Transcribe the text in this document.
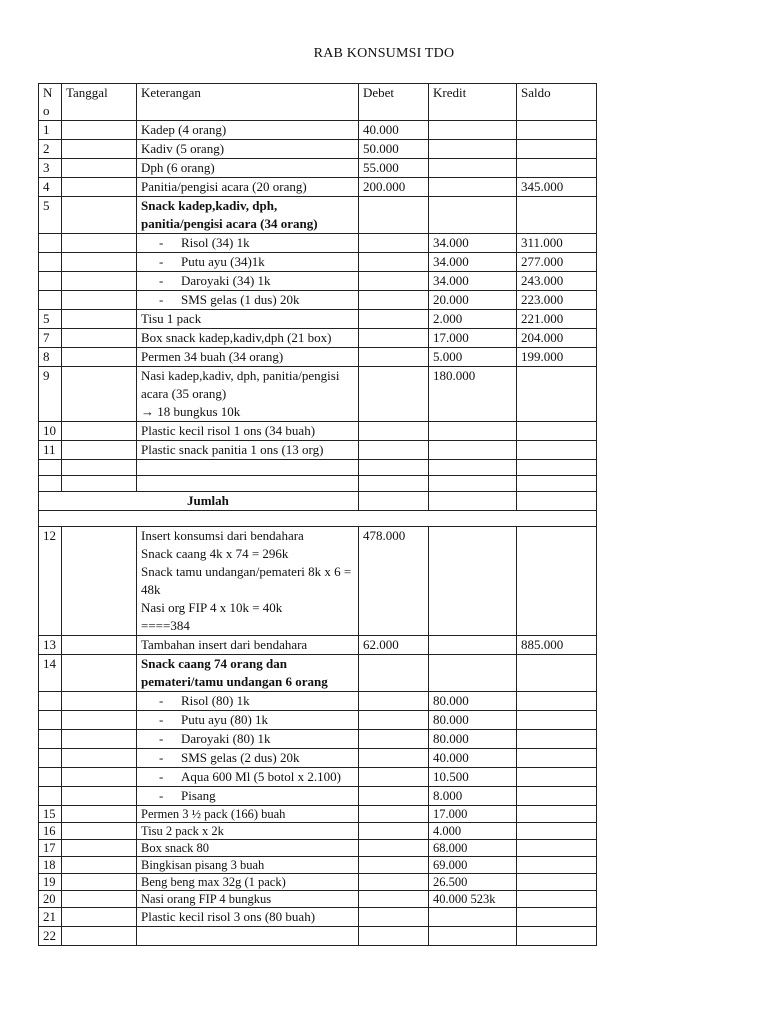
RAB KONSUMSI TDO
N o	Tanggal	Keterangan	Debet	Kredit	Saldo
1		Kadep (4 orang)	40.000		
2		Kadiv (5 orang)	50.000		
3		Dph (6 orang)	55.000		
4		Panitia/pengisi acara (20 orang)	200.000		345.000
5		Snack kadep,kadiv, dph, panitia/pengisi acara (34 orang)			
		- Risol (34) 1k		34.000	311.000
		- Putu ayu (34)1k		34.000	277.000
		- Daroyaki (34) 1k		34.000	243.000
		- SMS gelas (1 dus) 20k		20.000	223.000
5		Tisu 1 pack		2.000	221.000
7		Box snack kadep,kadiv,dph (21 box)		17.000	204.000
8		Permen 34 buah (34 orang)		5.000	199.000
9		Nasi kadep,kadiv, dph, panitia/pengisi acara (35 orang)
→ 18 bungkus 10k		180.000	
10		Plastic kecil risol 1 ons (34 buah)			
11		Plastic snack panitia 1 ons (13 org)			

Jumlah					

12		Insert konsumsi dari bendahara
Snack caang 4k x 74 = 296k
Snack tamu undangan/pemateri 8k x 6 = 48k
Nasi org FIP 4 x 10k = 40k
====384	478.000		
13		Tambahan insert dari bendahara	62.000		885.000
14		Snack caang 74 orang dan pemateri/tamu undangan 6 orang			
		- Risol (80) 1k		80.000	
		- Putu ayu (80) 1k		80.000	
		- Daroyaki (80) 1k		80.000	
		- SMS gelas (2 dus) 20k		40.000	
		- Aqua 600 Ml (5 botol x 2.100)		10.500	
		- Pisang		8.000	
15		Permen 3 ½ pack (166) buah		17.000	
16		Tisu 2 pack x 2k		4.000	
17		Box snack 80		68.000	
18		Bingkisan pisang 3 buah		69.000	
19		Beng beng max 32g (1 pack)		26.500	
20		Nasi orang FIP 4 bungkus		40.000 523k	
21		Plastic kecil risol 3 ons (80 buah)			
22					
